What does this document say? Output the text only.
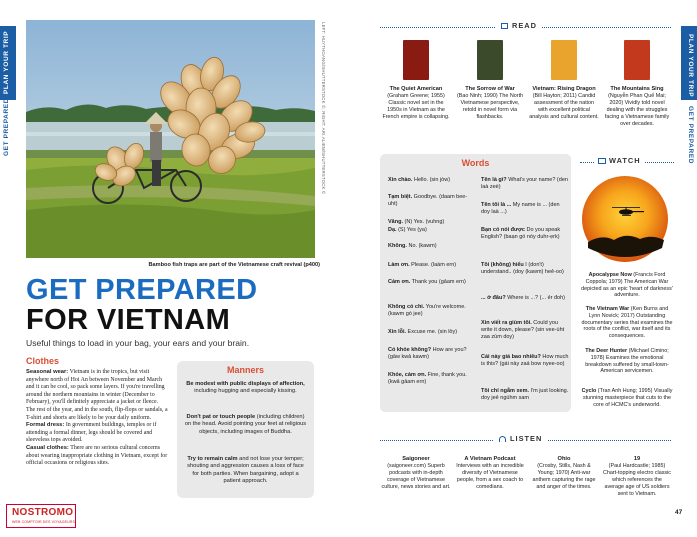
PLAN YOUR TRIP
GET PREPARED
PLAN YOUR TRIP
GET PREPARED
LEFT: HUYTHOANG/SHUTTERSTOCK ©; RIGHT: ARI.ALIEM/SHUTTERSTOCK ©
Bamboo fish traps are part of the Vietnamese craft revival (p400)
GET PREPARED
FOR VIETNAM
Useful things to load in your bag, your ears and your brain.
Clothes
Seasonal wear: Vietnam is in the tropics, but visit anywhere north of Hoi An between November and March and it can be cool, so pack some layers. If you're travelling around the northern mountains in winter (December to February), you'll definitely appreciate a jacket or fleece. The rest of the year, and in the south, flip-flops or sandals, a T-shirt and shorts are likely to be your daily uniform.
Formal dress: In government buildings, temples or if attending a formal dinner, legs should be covered and sleeveless tops avoided.
Casual clothes: There are no serious cultural concerns about wearing inappropriate clothing in Vietnam, except for official occasions or religious sites.
NOSTROMO
WEB COMPTOIR DES VOYAGEURS
Manners
Be modest with public displays of affection, including hugging and especially kissing.
Don't pat or touch people (including children) on the head. Avoid pointing your feet at religious objects, including images of Buddha.
Try to remain calm and not lose your temper; shouting and aggression causes a loss of face for both parties. When bargaining, adopt a patient approach.
READ
The Quiet American
(Graham Greene; 1955) Classic novel set in the 1950s in Vietnam as the French empire is collapsing.
The Sorrow of War
(Bao Ninh; 1990) The North Vietnamese perspective, retold in novel form via flashbacks.
Vietnam: Rising Dragon
(Bill Hayton; 2011) Candid assessment of the nation with excellent political analysis and cultural content.
The Mountains Sing
(Nguyễn Phan Quế Mai; 2020) Vividly told novel dealing with the struggles facing a Vietnamese family over decades.
Words
Xin chào. Hello. (sin jòw)
Tạm biệt. Goodbye. (daam bee-uht)
Vâng. (N) Yes. (vuhng)
Dạ. (S) Yes (ya)
Không. No. (kawm)
Làm ơn. Please. (laàm ern)
Cảm ơn. Thank you (gảam ern)
Không có chi. You're welcome. (kawm gó jee)
Xin lỗi. Excuse me. (sin lōy)
Có khỏe không? How are you? (gǎw kwả kawm)
Khỏe, cảm ơn. Fine, thank you. (kwả gảam ern)
Tên là gì? What's your name? (den laà zeè)
Tên tôi là ... My name is ... (den doy laà ...)
Bạn có nói được Do you speak English? (baạn gó nóy duhr-ẹrk)
Tôi (không) hiểu I (don't) understand.. (doy (kawm) heẻ-oo)
... ở đâu? Where is ...? (... ẻr đoh)
Xin viết ra giùm tôi. Could you write it down, please? (sin vee-úht zaa zùm doy)
Cái này giá bao nhiêu? How much is this? (gái này zaá bow nyee-oo)
Tôi chỉ ngắm xem. I'm just looking. doy jeẻ ngúhm sam
WATCH
Apocalypse Now (Francis Ford Coppola; 1979) The American War depicted as an epic 'heart of darkness' adventure.
The Vietnam War (Ken Burns and Lynn Novick; 2017) Outstanding documentary series that examines the roots of the conflict, war itself and its consequences.
The Deer Hunter (Michael Cimino; 1978) Examines the emotional breakdown suffered by small-town-American servicemen.
Cyclo (Tran Anh Hung; 1995) Visually stunning masterpiece that cuts to the core of HCMC's underworld.
LISTEN
Saigoneer
(saigoneer.com) Superb podcasts with in-depth coverage of Vietnamese culture, news stories and art.
A Vietnam Podcast
Interviews with an incredible diversity of Vietnamese people, from a sex coach to comedians.
Ohio
(Crosby, Stills, Nash & Young; 1970) Anti-war anthem capturing the rage and anger of the times.
19
(Paul Hardcastle; 1985) Chart-topping electro classic which references the average age of US soldiers sent to Vietnam.
47
